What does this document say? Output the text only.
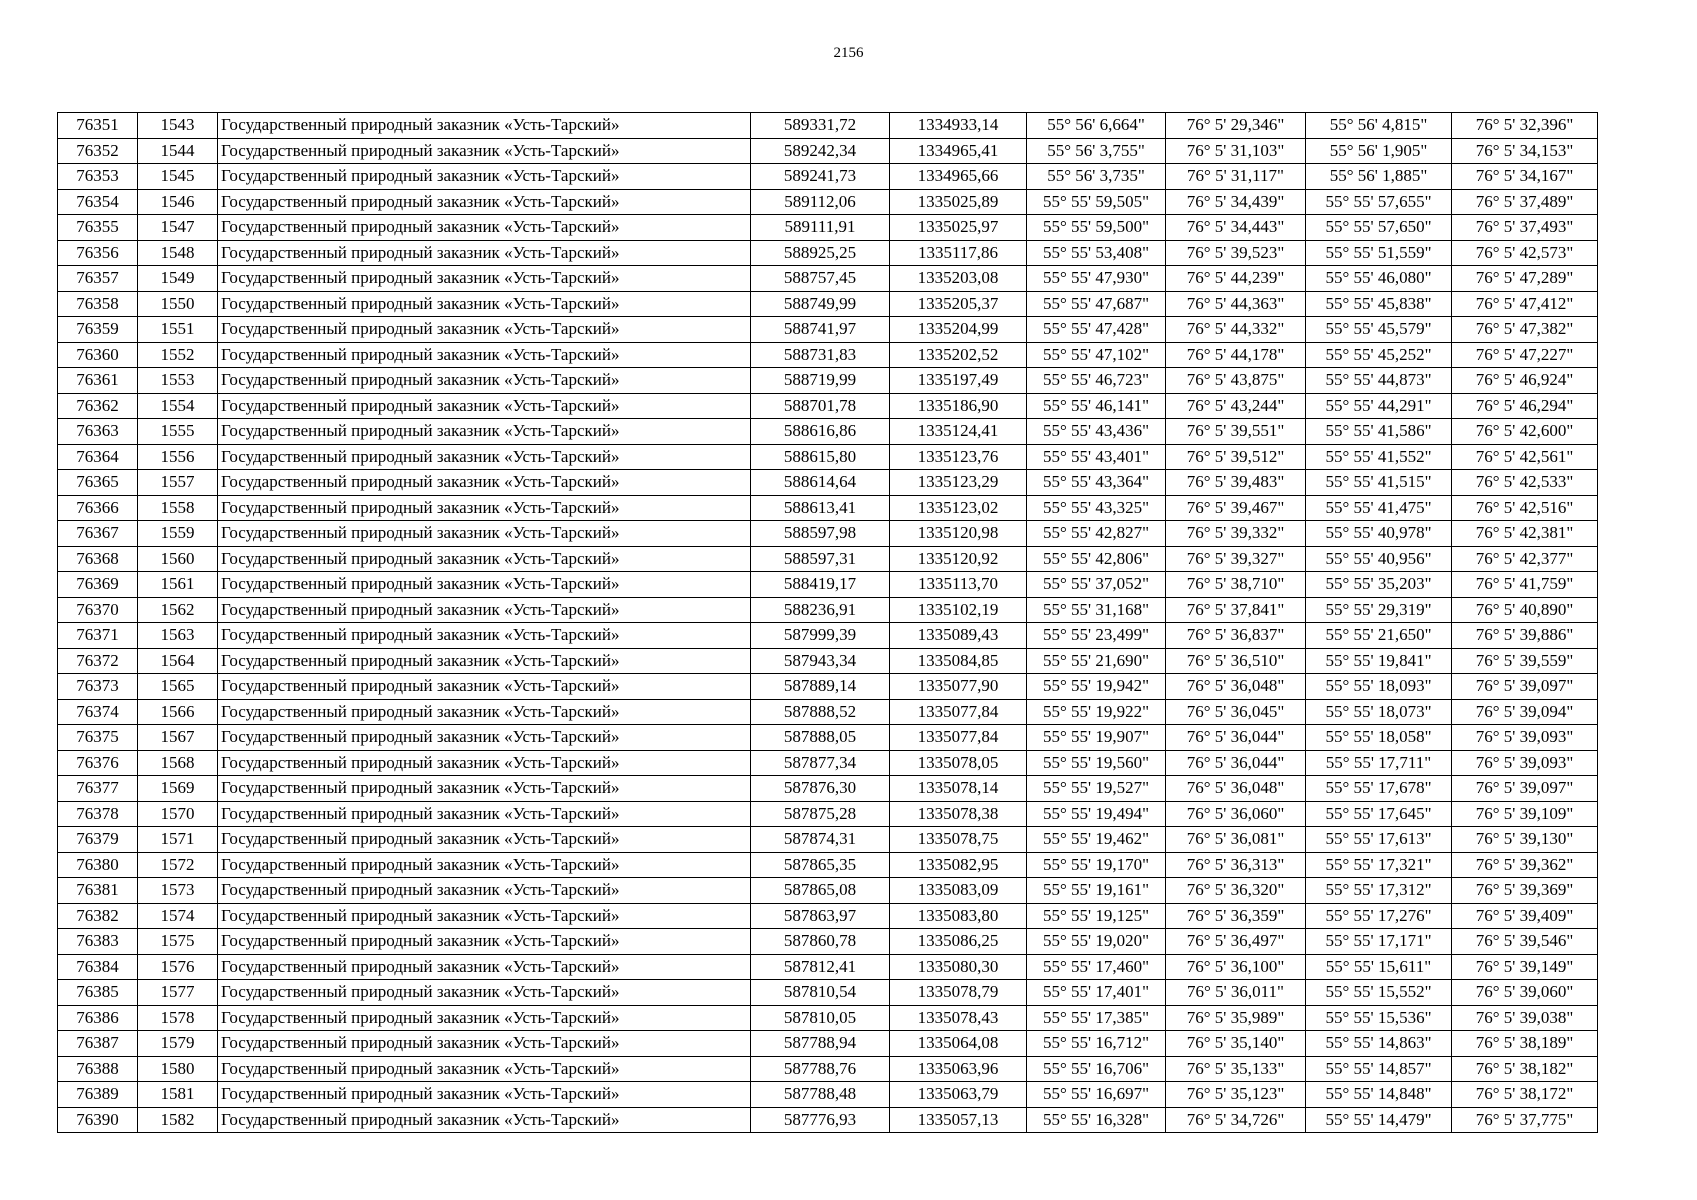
2156
76351	1543	Государственный природный заказник «Усть-Тарский»	589331,72	1334933,14	55° 56' 6,664"	76° 5' 29,346"	55° 56' 4,815"	76° 5' 32,396"
76352	1544	Государственный природный заказник «Усть-Тарский»	589242,34	1334965,41	55° 56' 3,755"	76° 5' 31,103"	55° 56' 1,905"	76° 5' 34,153"
76353	1545	Государственный природный заказник «Усть-Тарский»	589241,73	1334965,66	55° 56' 3,735"	76° 5' 31,117"	55° 56' 1,885"	76° 5' 34,167"
76354	1546	Государственный природный заказник «Усть-Тарский»	589112,06	1335025,89	55° 55' 59,505"	76° 5' 34,439"	55° 55' 57,655"	76° 5' 37,489"
76355	1547	Государственный природный заказник «Усть-Тарский»	589111,91	1335025,97	55° 55' 59,500"	76° 5' 34,443"	55° 55' 57,650"	76° 5' 37,493"
76356	1548	Государственный природный заказник «Усть-Тарский»	588925,25	1335117,86	55° 55' 53,408"	76° 5' 39,523"	55° 55' 51,559"	76° 5' 42,573"
76357	1549	Государственный природный заказник «Усть-Тарский»	588757,45	1335203,08	55° 55' 47,930"	76° 5' 44,239"	55° 55' 46,080"	76° 5' 47,289"
76358	1550	Государственный природный заказник «Усть-Тарский»	588749,99	1335205,37	55° 55' 47,687"	76° 5' 44,363"	55° 55' 45,838"	76° 5' 47,412"
76359	1551	Государственный природный заказник «Усть-Тарский»	588741,97	1335204,99	55° 55' 47,428"	76° 5' 44,332"	55° 55' 45,579"	76° 5' 47,382"
76360	1552	Государственный природный заказник «Усть-Тарский»	588731,83	1335202,52	55° 55' 47,102"	76° 5' 44,178"	55° 55' 45,252"	76° 5' 47,227"
76361	1553	Государственный природный заказник «Усть-Тарский»	588719,99	1335197,49	55° 55' 46,723"	76° 5' 43,875"	55° 55' 44,873"	76° 5' 46,924"
76362	1554	Государственный природный заказник «Усть-Тарский»	588701,78	1335186,90	55° 55' 46,141"	76° 5' 43,244"	55° 55' 44,291"	76° 5' 46,294"
76363	1555	Государственный природный заказник «Усть-Тарский»	588616,86	1335124,41	55° 55' 43,436"	76° 5' 39,551"	55° 55' 41,586"	76° 5' 42,600"
76364	1556	Государственный природный заказник «Усть-Тарский»	588615,80	1335123,76	55° 55' 43,401"	76° 5' 39,512"	55° 55' 41,552"	76° 5' 42,561"
76365	1557	Государственный природный заказник «Усть-Тарский»	588614,64	1335123,29	55° 55' 43,364"	76° 5' 39,483"	55° 55' 41,515"	76° 5' 42,533"
76366	1558	Государственный природный заказник «Усть-Тарский»	588613,41	1335123,02	55° 55' 43,325"	76° 5' 39,467"	55° 55' 41,475"	76° 5' 42,516"
76367	1559	Государственный природный заказник «Усть-Тарский»	588597,98	1335120,98	55° 55' 42,827"	76° 5' 39,332"	55° 55' 40,978"	76° 5' 42,381"
76368	1560	Государственный природный заказник «Усть-Тарский»	588597,31	1335120,92	55° 55' 42,806"	76° 5' 39,327"	55° 55' 40,956"	76° 5' 42,377"
76369	1561	Государственный природный заказник «Усть-Тарский»	588419,17	1335113,70	55° 55' 37,052"	76° 5' 38,710"	55° 55' 35,203"	76° 5' 41,759"
76370	1562	Государственный природный заказник «Усть-Тарский»	588236,91	1335102,19	55° 55' 31,168"	76° 5' 37,841"	55° 55' 29,319"	76° 5' 40,890"
76371	1563	Государственный природный заказник «Усть-Тарский»	587999,39	1335089,43	55° 55' 23,499"	76° 5' 36,837"	55° 55' 21,650"	76° 5' 39,886"
76372	1564	Государственный природный заказник «Усть-Тарский»	587943,34	1335084,85	55° 55' 21,690"	76° 5' 36,510"	55° 55' 19,841"	76° 5' 39,559"
76373	1565	Государственный природный заказник «Усть-Тарский»	587889,14	1335077,90	55° 55' 19,942"	76° 5' 36,048"	55° 55' 18,093"	76° 5' 39,097"
76374	1566	Государственный природный заказник «Усть-Тарский»	587888,52	1335077,84	55° 55' 19,922"	76° 5' 36,045"	55° 55' 18,073"	76° 5' 39,094"
76375	1567	Государственный природный заказник «Усть-Тарский»	587888,05	1335077,84	55° 55' 19,907"	76° 5' 36,044"	55° 55' 18,058"	76° 5' 39,093"
76376	1568	Государственный природный заказник «Усть-Тарский»	587877,34	1335078,05	55° 55' 19,560"	76° 5' 36,044"	55° 55' 17,711"	76° 5' 39,093"
76377	1569	Государственный природный заказник «Усть-Тарский»	587876,30	1335078,14	55° 55' 19,527"	76° 5' 36,048"	55° 55' 17,678"	76° 5' 39,097"
76378	1570	Государственный природный заказник «Усть-Тарский»	587875,28	1335078,38	55° 55' 19,494"	76° 5' 36,060"	55° 55' 17,645"	76° 5' 39,109"
76379	1571	Государственный природный заказник «Усть-Тарский»	587874,31	1335078,75	55° 55' 19,462"	76° 5' 36,081"	55° 55' 17,613"	76° 5' 39,130"
76380	1572	Государственный природный заказник «Усть-Тарский»	587865,35	1335082,95	55° 55' 19,170"	76° 5' 36,313"	55° 55' 17,321"	76° 5' 39,362"
76381	1573	Государственный природный заказник «Усть-Тарский»	587865,08	1335083,09	55° 55' 19,161"	76° 5' 36,320"	55° 55' 17,312"	76° 5' 39,369"
76382	1574	Государственный природный заказник «Усть-Тарский»	587863,97	1335083,80	55° 55' 19,125"	76° 5' 36,359"	55° 55' 17,276"	76° 5' 39,409"
76383	1575	Государственный природный заказник «Усть-Тарский»	587860,78	1335086,25	55° 55' 19,020"	76° 5' 36,497"	55° 55' 17,171"	76° 5' 39,546"
76384	1576	Государственный природный заказник «Усть-Тарский»	587812,41	1335080,30	55° 55' 17,460"	76° 5' 36,100"	55° 55' 15,611"	76° 5' 39,149"
76385	1577	Государственный природный заказник «Усть-Тарский»	587810,54	1335078,79	55° 55' 17,401"	76° 5' 36,011"	55° 55' 15,552"	76° 5' 39,060"
76386	1578	Государственный природный заказник «Усть-Тарский»	587810,05	1335078,43	55° 55' 17,385"	76° 5' 35,989"	55° 55' 15,536"	76° 5' 39,038"
76387	1579	Государственный природный заказник «Усть-Тарский»	587788,94	1335064,08	55° 55' 16,712"	76° 5' 35,140"	55° 55' 14,863"	76° 5' 38,189"
76388	1580	Государственный природный заказник «Усть-Тарский»	587788,76	1335063,96	55° 55' 16,706"	76° 5' 35,133"	55° 55' 14,857"	76° 5' 38,182"
76389	1581	Государственный природный заказник «Усть-Тарский»	587788,48	1335063,79	55° 55' 16,697"	76° 5' 35,123"	55° 55' 14,848"	76° 5' 38,172"
76390	1582	Государственный природный заказник «Усть-Тарский»	587776,93	1335057,13	55° 55' 16,328"	76° 5' 34,726"	55° 55' 14,479"	76° 5' 37,775"
